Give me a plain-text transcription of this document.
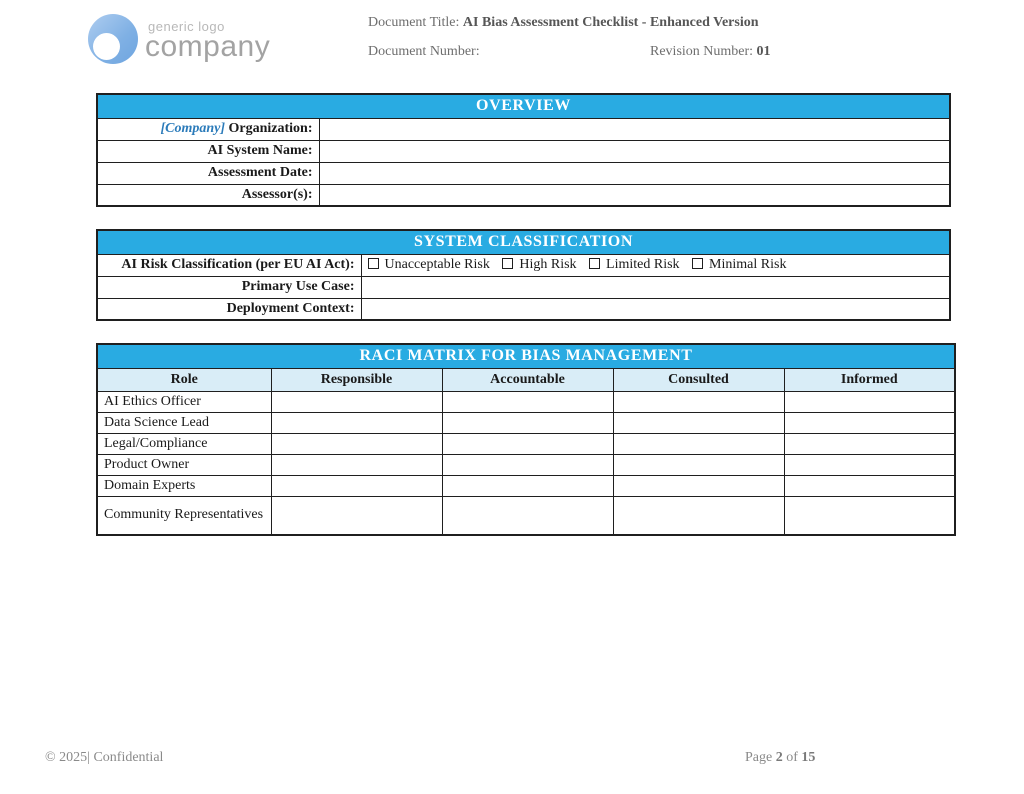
generic logo
company
Document Title: AI Bias Assessment Checklist - Enhanced Version
Document Number:	Revision Number: 01
OVERVIEW	
[Company] Organization:	
AI System Name:	
Assessment Date:	
Assessor(s):	
SYSTEM CLASSIFICATION	
AI Risk Classification (per EU AI Act):	Unacceptable Risk High Risk Limited Risk Minimal Risk
Primary Use Case:	
Deployment Context:	
RACI MATRIX FOR BIAS MANAGEMENT				
Role	Responsible	Accountable	Consulted	Informed
AI Ethics Officer				
Data Science Lead				
Legal/Compliance				
Product Owner				
Domain Experts				
Community Representatives				
© 2025| Confidential	Page 2 of 15
